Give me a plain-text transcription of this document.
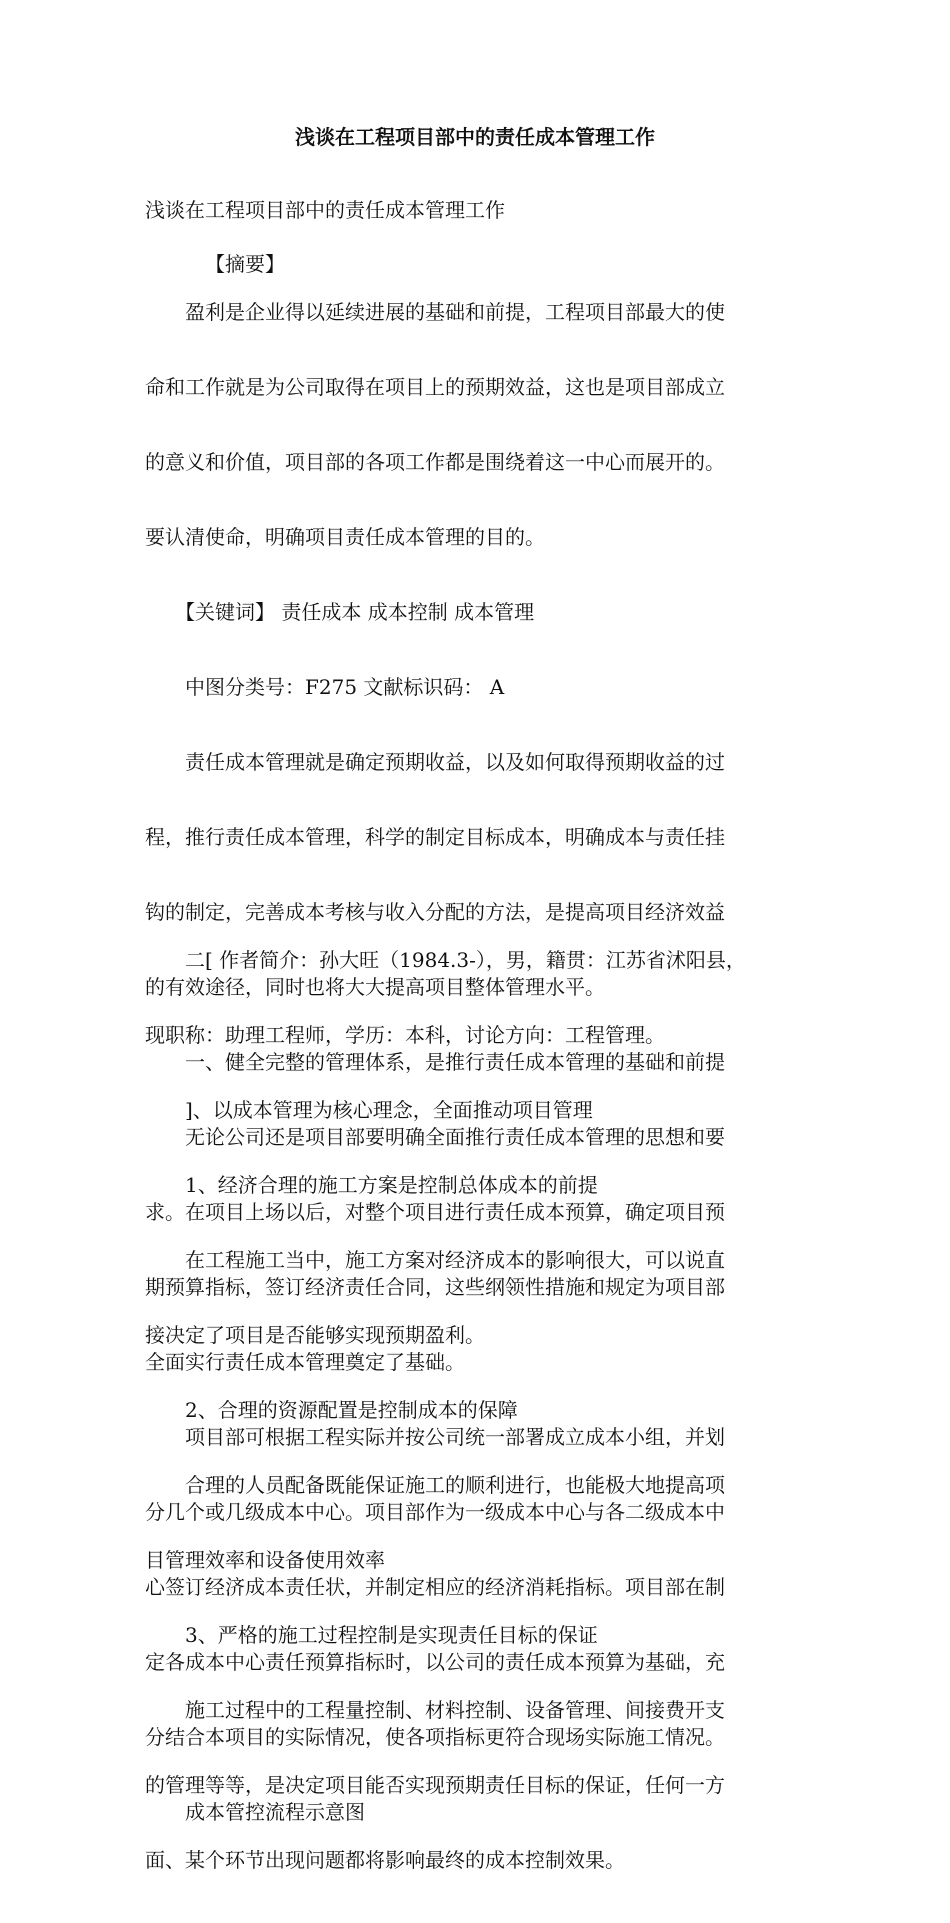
浅谈在工程项目部中的责任成本管理工作

浅谈在工程项目部中的责任成本管理工作

【摘要】

　　盈利是企业得以延续进展的基础和前提，工程项目部最大的使

命和工作就是为公司取得在项目上的预期效益，这也是项目部成立

的意义和价值，项目部的各项工作都是围绕着这一中心而展开的。

要认清使命，明确项目责任成本管理的目的。

　　【关键词】 责任成本 成本控制 成本管理

　　中图分类号：F275 文献标识码： A

　　责任成本管理就是确定预期收益，以及如何取得预期收益的过

程，推行责任成本管理，科学的制定目标成本，明确成本与责任挂

钩的制定，完善成本考核与收入分配的方法，是提高项目经济效益

的有效途径，同时也将大大提高项目整体管理水平。

　　一、健全完整的管理体系，是推行责任成本管理的基础和前提

　　无论公司还是项目部要明确全面推行责任成本管理的思想和要

求。在项目上场以后，对整个项目进行责任成本预算，确定项目预

期预算指标，签订经济责任合同，这些纲领性措施和规定为项目部

全面实行责任成本管理奠定了基础。

　　项目部可根据工程实际并按公司统一部署成立成本小组，并划

分几个或几级成本中心。项目部作为一级成本中心与各二级成本中

心签订经济成本责任状，并制定相应的经济消耗指标。项目部在制

定各成本中心责任预算指标时，以公司的责任成本预算为基础，充

分结合本项目的实际情况，使各项指标更符合现场实际施工情况。

　　成本管控流程示意图

　　二[ 作者简介：孙大旺（1984.3-），男，籍贯：江苏省沭阳县，

现职称：助理工程师，学历：本科，讨论方向：工程管理。

　　]、以成本管理为核心理念，全面推动项目管理

　　1、经济合理的施工方案是控制总体成本的前提

　　在工程施工当中，施工方案对经济成本的影响很大，可以说直

接决定了项目是否能够实现预期盈利。

　　2、合理的资源配置是控制成本的保障

　　合理的人员配备既能保证施工的顺利进行，也能极大地提高项

目管理效率和设备使用效率

　　3、严格的施工过程控制是实现责任目标的保证

　　施工过程中的工程量控制、材料控制、设备管理、间接费开支

的管理等等，是决定项目能否实现预期责任目标的保证，任何一方

面、某个环节出现问题都将影响最终的成本控制效果。
